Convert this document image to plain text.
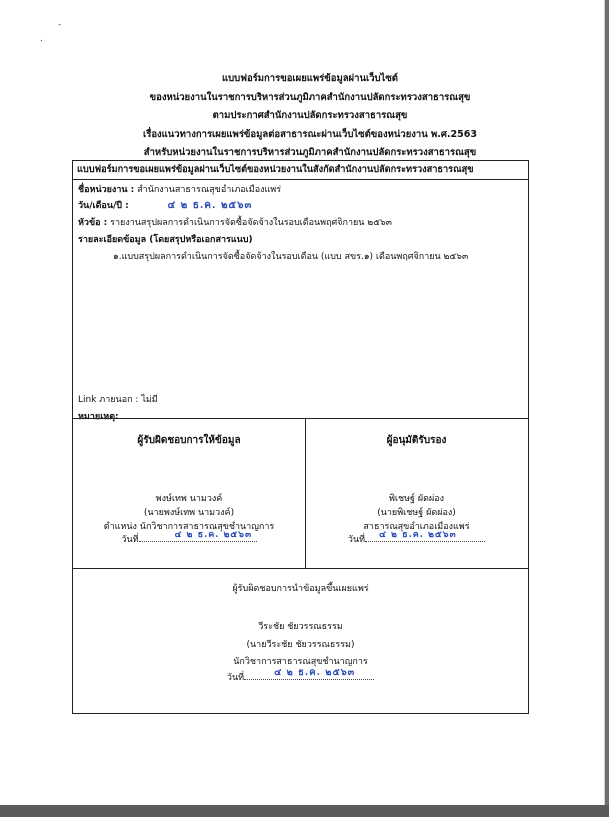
-
.
แบบฟอร์มการขอเผยแพร่ข้อมูลผ่านเว็บไซต์
ของหน่วยงานในราชการบริหารส่วนภูมิภาคสำนักงานปลัดกระทรวงสาธารณสุข
ตามประกาศสำนักงานปลัดกระทรวงสาธารณสุข
เรื่องแนวทางการเผยแพร่ข้อมูลต่อสาธารณะผ่านเว็บไซต์ของหน่วยงาน พ.ศ.2563
สำหรับหน่วยงานในราชการบริหารส่วนภูมิภาคสำนักงานปลัดกระทรวงสาธารณสุข
แบบฟอร์มการขอเผยแพร่ข้อมูลผ่านเว็บไซต์ของหน่วยงานในสังกัดสำนักงานปลัดกระทรวงสาธารณสุข
ชื่อหน่วยงาน : สำนักงานสาธารณสุขอำเภอเมืองแพร่
วัน/เดือน/ปี :	๔ ๒ ธ.ค. ๒๕๖๓
หัวข้อ : รายงานสรุปผลการดำเนินการจัดซื้อจัดจ้างในรอบเดือนพฤศจิกายน ๒๕๖๓
รายละเอียดข้อมูล (โดยสรุปหรือเอกสารแนบ)
๑.แบบสรุปผลการดำเนินการจัดซื้อจัดจ้างในรอบเดือน (แบบ สขร.๑) เดือนพฤศจิกายน ๒๕๖๓
Link ภายนอก : ไม่มี
หมายเหตุ:
ผู้รับผิดชอบการให้ข้อมูล
พงษ์เทพ นามวงค์
(นายพงษ์เทพ นามวงค์)
ตำแหน่ง นักวิชาการสาธารณสุขชำนาญการ
วันที่	๔ ๒ ธ.ค. ๒๕๖๓
ผู้อนุมัติรับรอง
พิเชษฐ์ ผัดผ่อง
(นายพิเชษฐ์ ผัดผ่อง)
สาธารณสุขอำเภอเมืองแพร่
วันที่ ๔ ๒ ธ.ค. ๒๕๖๓
ผู้รับผิดชอบการนำข้อมูลขึ้นเผยแพร่
วีระชัย ชัยวรรณธรรม
(นายวีระชัย ชัยวรรณธรรม)
นักวิชาการสาธารณสุขชำนาญการ
วันที่	๔ ๒ ธ.ค. ๒๕๖๓
